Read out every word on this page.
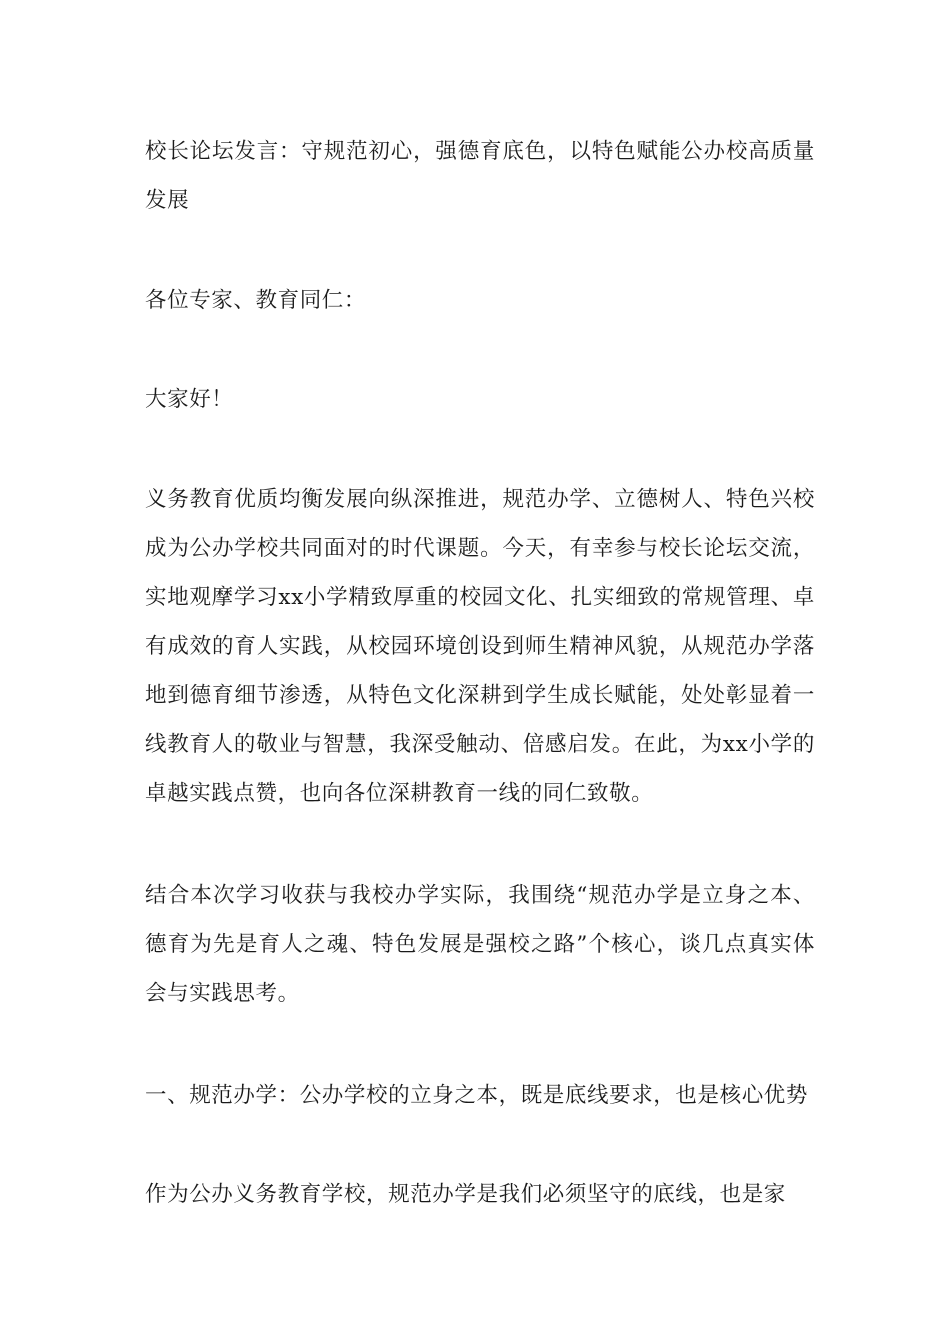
校长论坛发言：守规范初心，强德育底色，以特色赋能公办校高质量发展

各位专家、教育同仁：

大家好！

义务教育优质均衡发展向纵深推进，规范办学、立德树人、特色兴校成为公办学校共同面对的时代课题。今天，有幸参与校长论坛交流，实地观摩学习xx小学精致厚重的校园文化、扎实细致的常规管理、卓有成效的育人实践，从校园环境创设到师生精神风貌，从规范办学落地到德育细节渗透，从特色文化深耕到学生成长赋能，处处彰显着一线教育人的敬业与智慧，我深受触动、倍感启发。在此，为xx小学的卓越实践点赞，也向各位深耕教育一线的同仁致敬。

结合本次学习收获与我校办学实际，我围绕“规范办学是立身之本、德育为先是育人之魂、特色发展是强校之路”个核心，谈几点真实体会与实践思考。

一、规范办学：公办学校的立身之本，既是底线要求，也是核心优势

作为公办义务教育学校，规范办学是我们必须坚守的底线，也是家
